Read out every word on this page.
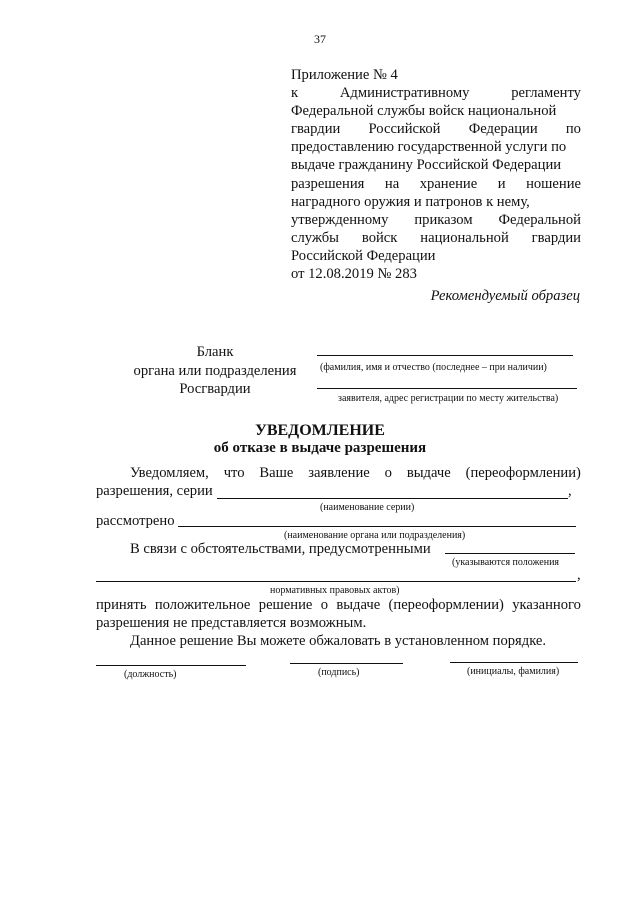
37
Приложение № 4
к	Административному	регламенту
Федеральной службы войск национальной
гвардии Российской Федерации по
предоставлению государственной услуги по
выдаче гражданину Российской Федерации
разрешения на хранение и ношение
наградного оружия и патронов к нему,
утвержденному приказом Федеральной
службы войск национальной гвардии
Российской Федерации
от 12.08.2019 № 283
Рекомендуемый образец
Бланк
органа или подразделения
Росгвардии
(фамилия, имя и отчество (последнее – при наличии)
заявителя, адрес регистрации по месту жительства)
УВЕДОМЛЕНИЕ
об отказе в выдаче разрешения
Уведомляем, что Ваше заявление о выдаче (переоформлении)
разрешения, серии	,
(наименование серии)
рассмотрено
(наименование органа или подразделения)
В связи с обстоятельствами, предусмотренными
(указываются положения
,
нормативных правовых актов)
принять положительное решение о выдаче (переоформлении) указанного
разрешения не представляется возможным.
Данное решение Вы можете обжаловать в установленном порядке.
(должность)	(подпись)	(инициалы, фамилия)
